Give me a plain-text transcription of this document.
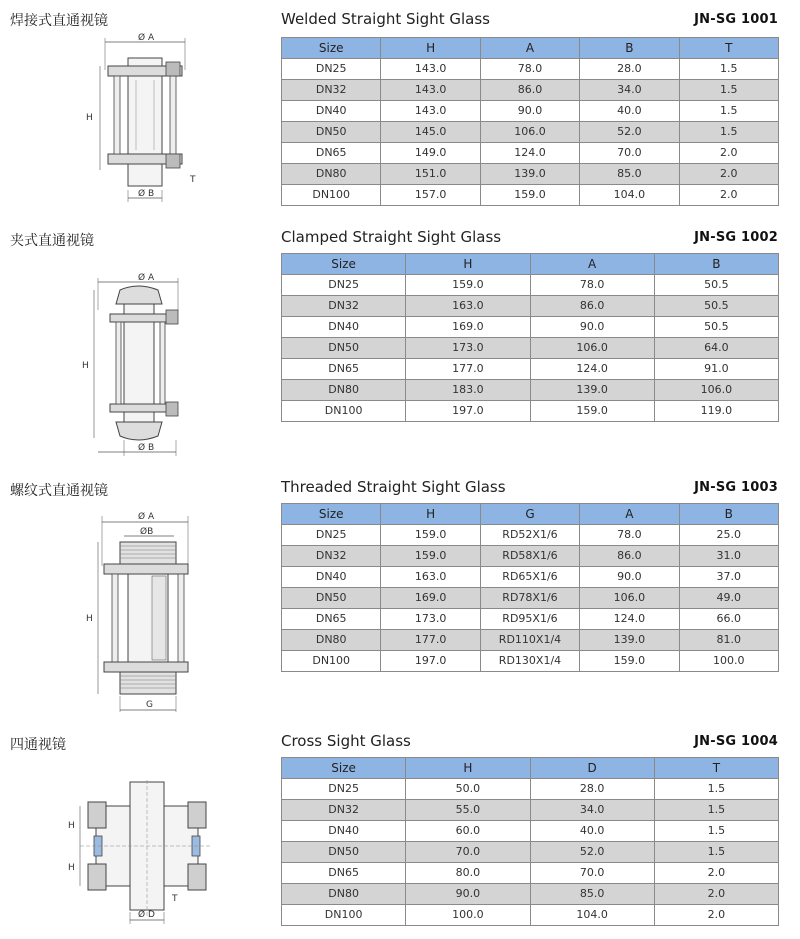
焊接式直通视镜	Welded Straight Sight Glass	JN-SG 1001
Ø A
H
Ø B
T
Size	H	A	B	T
DN25	143.0	78.0	28.0	1.5
DN32	143.0	86.0	34.0	1.5
DN40	143.0	90.0	40.0	1.5
DN50	145.0	106.0	52.0	1.5
DN65	149.0	124.0	70.0	2.0
DN80	151.0	139.0	85.0	2.0
DN100	157.0	159.0	104.0	2.0
夹式直通视镜	Clamped Straight Sight Glass	JN-SG 1002
Ø A
H
Ø B
Size	H	A	B
DN25	159.0	78.0	50.5
DN32	163.0	86.0	50.5
DN40	169.0	90.0	50.5
DN50	173.0	106.0	64.0
DN65	177.0	124.0	91.0
DN80	183.0	139.0	106.0
DN100	197.0	159.0	119.0
螺纹式直通视镜	Threaded Straight Sight Glass	JN-SG 1003
Ø A
ØB
H
G
Size	H	G	A	B
DN25	159.0	RD52X1/6	78.0	25.0
DN32	159.0	RD58X1/6	86.0	31.0
DN40	163.0	RD65X1/6	90.0	37.0
DN50	169.0	RD78X1/6	106.0	49.0
DN65	173.0	RD95X1/6	124.0	66.0
DN80	177.0	RD110X1/4	139.0	81.0
DN100	197.0	RD130X1/4	159.0	100.0
四通视镜	Cross Sight Glass	JN-SG 1004
H
H
Ø D
T
Size	H	D	T
DN25	50.0	28.0	1.5
DN32	55.0	34.0	1.5
DN40	60.0	40.0	1.5
DN50	70.0	52.0	1.5
DN65	80.0	70.0	2.0
DN80	90.0	85.0	2.0
DN100	100.0	104.0	2.0
